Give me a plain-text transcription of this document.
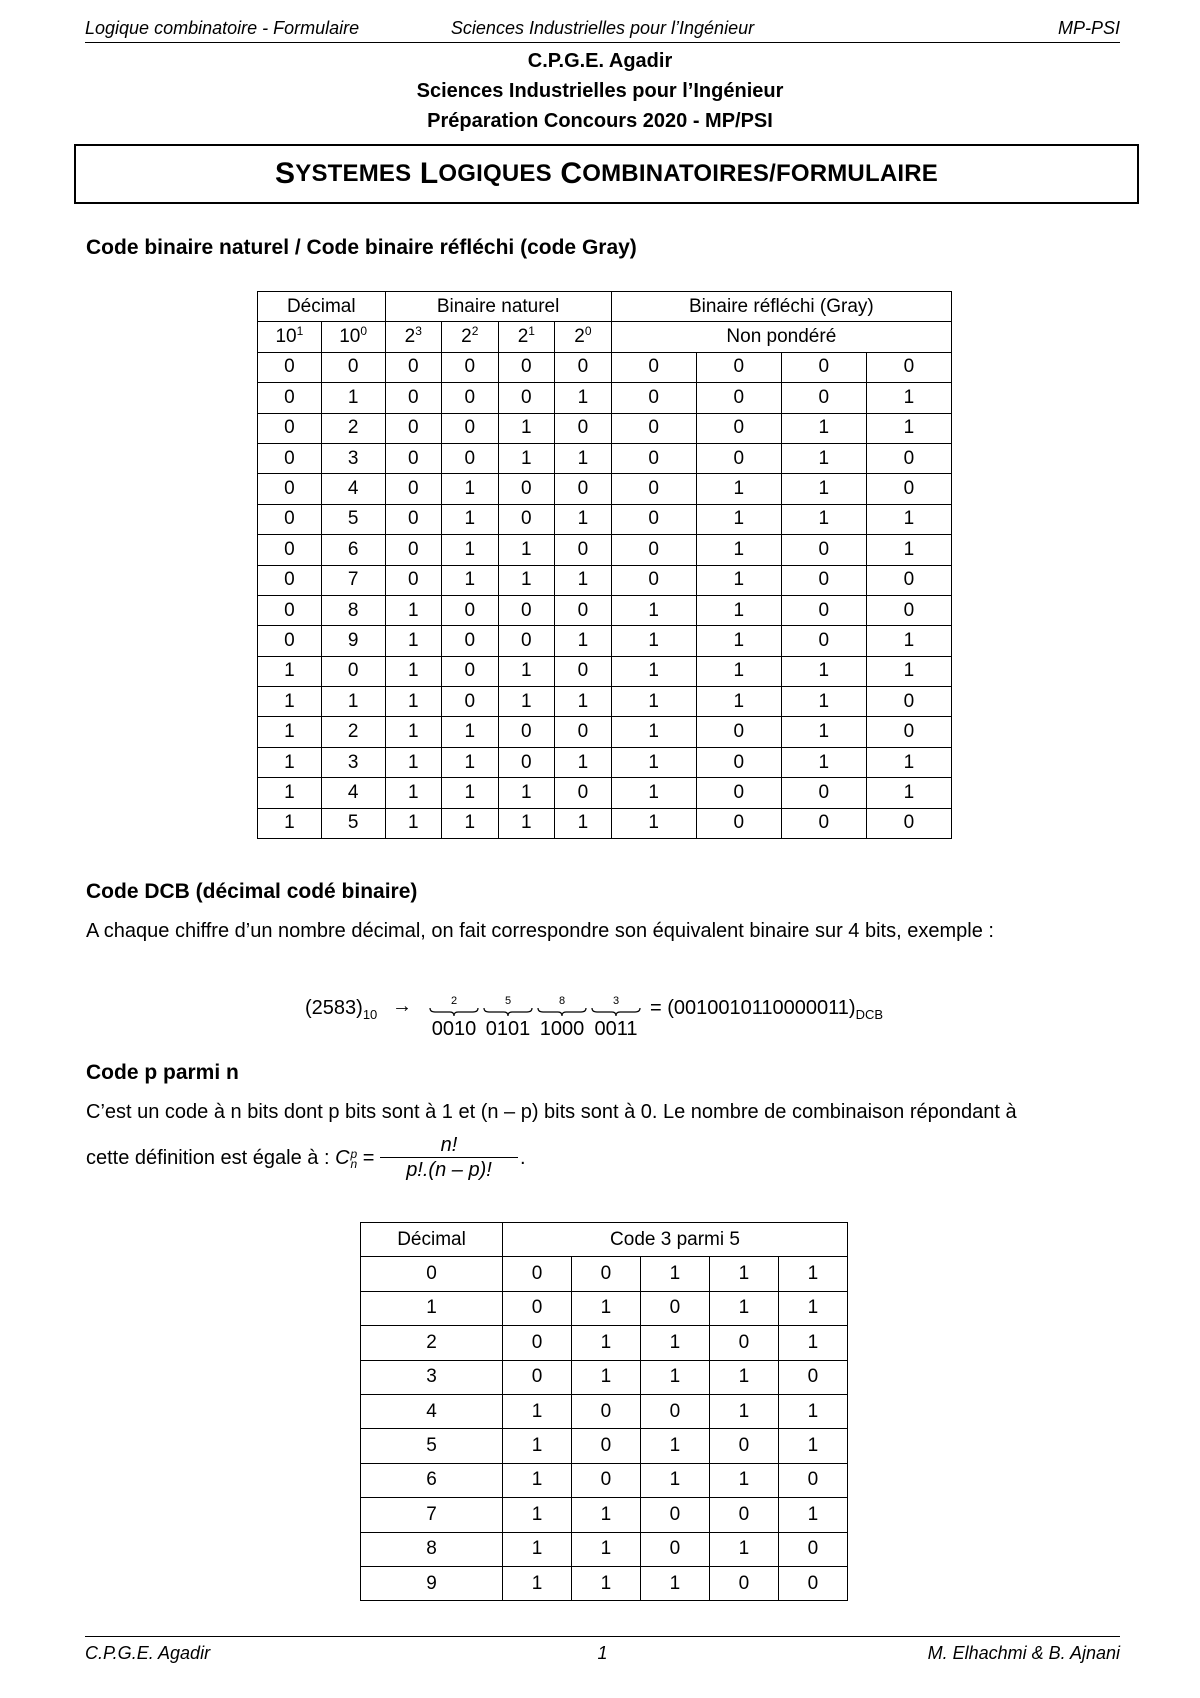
Logique combinatoire - Formulaire	Sciences Industrielles pour l’Ingénieur	MP-PSI
C.P.G.E. Agadir
Sciences Industrielles pour l’Ingénieur
Préparation Concours 2020 - MP/PSI
S YSTEMES
L OGIQUES
C OMBINATOIRES/FORMULAIRE
Code binaire naturel / Code binaire réfléchi (code Gray)
Décimal		Binaire naturel				Binaire réfléchi (Gray)			
$10^1$	$10^0$	$2^3$	$2^2$	$2^1$	$2^0$	Non pondéré			
0	0	0	0	0	0	0	0	0	0
0	1	0	0	0	1	0	0	0	1
0	2	0	0	1	0	0	0	1	1
0	3	0	0	1	1	0	0	1	0
0	4	0	1	0	0	0	1	1	0
0	5	0	1	0	1	0	1	1	1
0	6	0	1	1	0	0	1	0	1
0	7	0	1	1	1	0	1	0	0
0	8	1	0	0	0	1	1	0	0
0	9	1	0	0	1	1	1	0	1
1	0	1	0	1	0	1	1	1	1
1	1	1	0	1	1	1	1	1	0
1	2	1	1	0	0	1	0	1	0
1	3	1	1	0	1	1	0	1	1
1	4	1	1	1	0	1	0	0	1
1	5	1	1	1	1	1	0	0	0
Code DCB (décimal codé binaire)
A chaque chiffre d’un nombre décimal, on fait correspondre son équivalent binaire sur 4 bits, exemple :
$(2583)_{10}$ →	2
0010
5
0101
8
1000
3
0011
= $(0010010110000011)_{DCB}$
Code p parmi n
C’est un code à n bits dont p bits sont à 1 et (n – p) bits sont à 0. Le nombre de combinaison répondant à
cette définition est égale à : C p
n =
n!
p!.(n – p)!
.
Décimal	Code 3 parmi 5				
0	0	0	1	1	1
1	0	1	0	1	1
2	0	1	1	0	1
3	0	1	1	1	0
4	1	0	0	1	1
5	1	0	1	0	1
6	1	0	1	1	0
7	1	1	0	0	1
8	1	1	0	1	0
9	1	1	1	0	0
C.P.G.E. Agadir	1	M. Elhachmi & B. Ajnani
